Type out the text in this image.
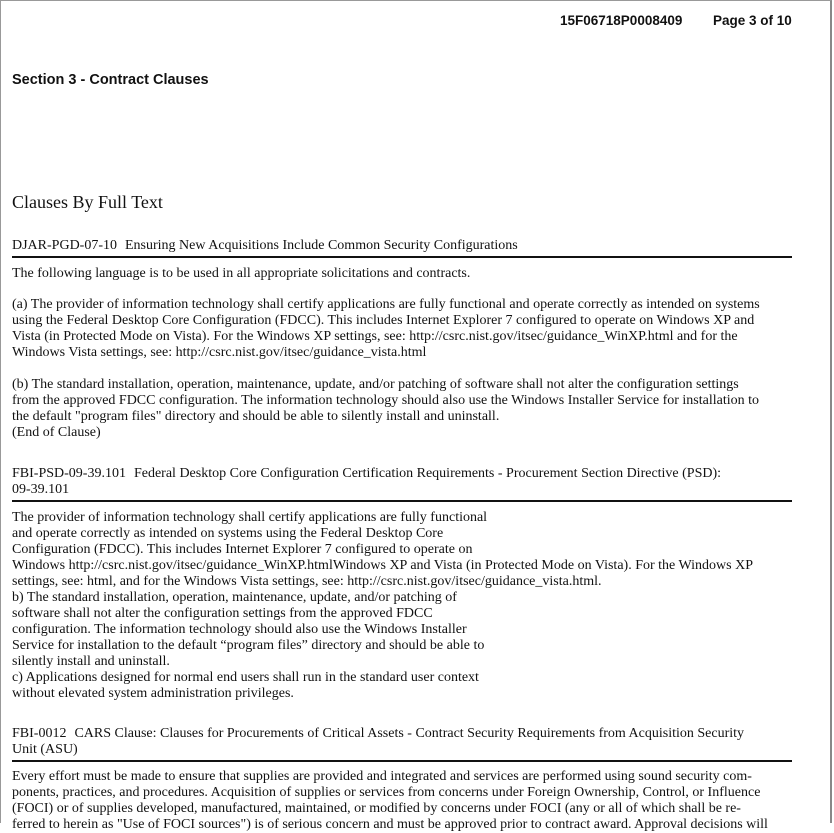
15F06718P0008409 Page 3 of 10
Section 3 - Contract Clauses
Clauses By Full Text
DJAR-PGD-07-10 Ensuring New Acquisitions Include Common Security Configurations

The following language is to be used in all appropriate solicitations and contracts.

(a) The provider of information technology shall certify applications are fully functional and operate correctly as intended on systems
using the Federal Desktop Core Configuration (FDCC). This includes Internet Explorer 7 configured to operate on Windows XP and
Vista (in Protected Mode on Vista). For the Windows XP settings, see: http://csrc.nist.gov/itsec/guidance_WinXP.html and for the
Windows Vista settings, see: http://csrc.nist.gov/itsec/guidance_vista.html

(b) The standard installation, operation, maintenance, update, and/or patching of software shall not alter the configuration settings
from the approved FDCC configuration. The information technology should also use the Windows Installer Service for installation to
the default "program files" directory and should be able to silently install and uninstall.
(End of Clause)

FBI-PSD-09-39.101 Federal Desktop Core Configuration Certification Requirements - Procurement Section Directive (PSD):
09-39.101

The provider of information technology shall certify applications are fully functional
and operate correctly as intended on systems using the Federal Desktop Core
Configuration (FDCC). This includes Internet Explorer 7 configured to operate on
Windows http://csrc.nist.gov/itsec/guidance_WinXP.htmlWindows XP and Vista (in Protected Mode on Vista). For the Windows XP
settings, see: html, and for the Windows Vista settings, see: http://csrc.nist.gov/itsec/guidance_vista.html.
b) The standard installation, operation, maintenance, update, and/or patching of
software shall not alter the configuration settings from the approved FDCC
configuration. The information technology should also use the Windows Installer
Service for installation to the default “program files” directory and should be able to
silently install and uninstall.
c) Applications designed for normal end users shall run in the standard user context
without elevated system administration privileges.

FBI-0012 CARS Clause: Clauses for Procurements of Critical Assets - Contract Security Requirements from Acquisition Security
Unit (ASU)

Every effort must be made to ensure that supplies are provided and integrated and services are performed using sound security com-
ponents, practices, and procedures. Acquisition of supplies or services from concerns under Foreign Ownership, Control, or Influence
(FOCI) or of supplies developed, manufactured, maintained, or modified by concerns under FOCI (any or all of which shall be re-
ferred to herein as "Use of FOCI sources") is of serious concern and must be approved prior to contract award. Approval decisions will
